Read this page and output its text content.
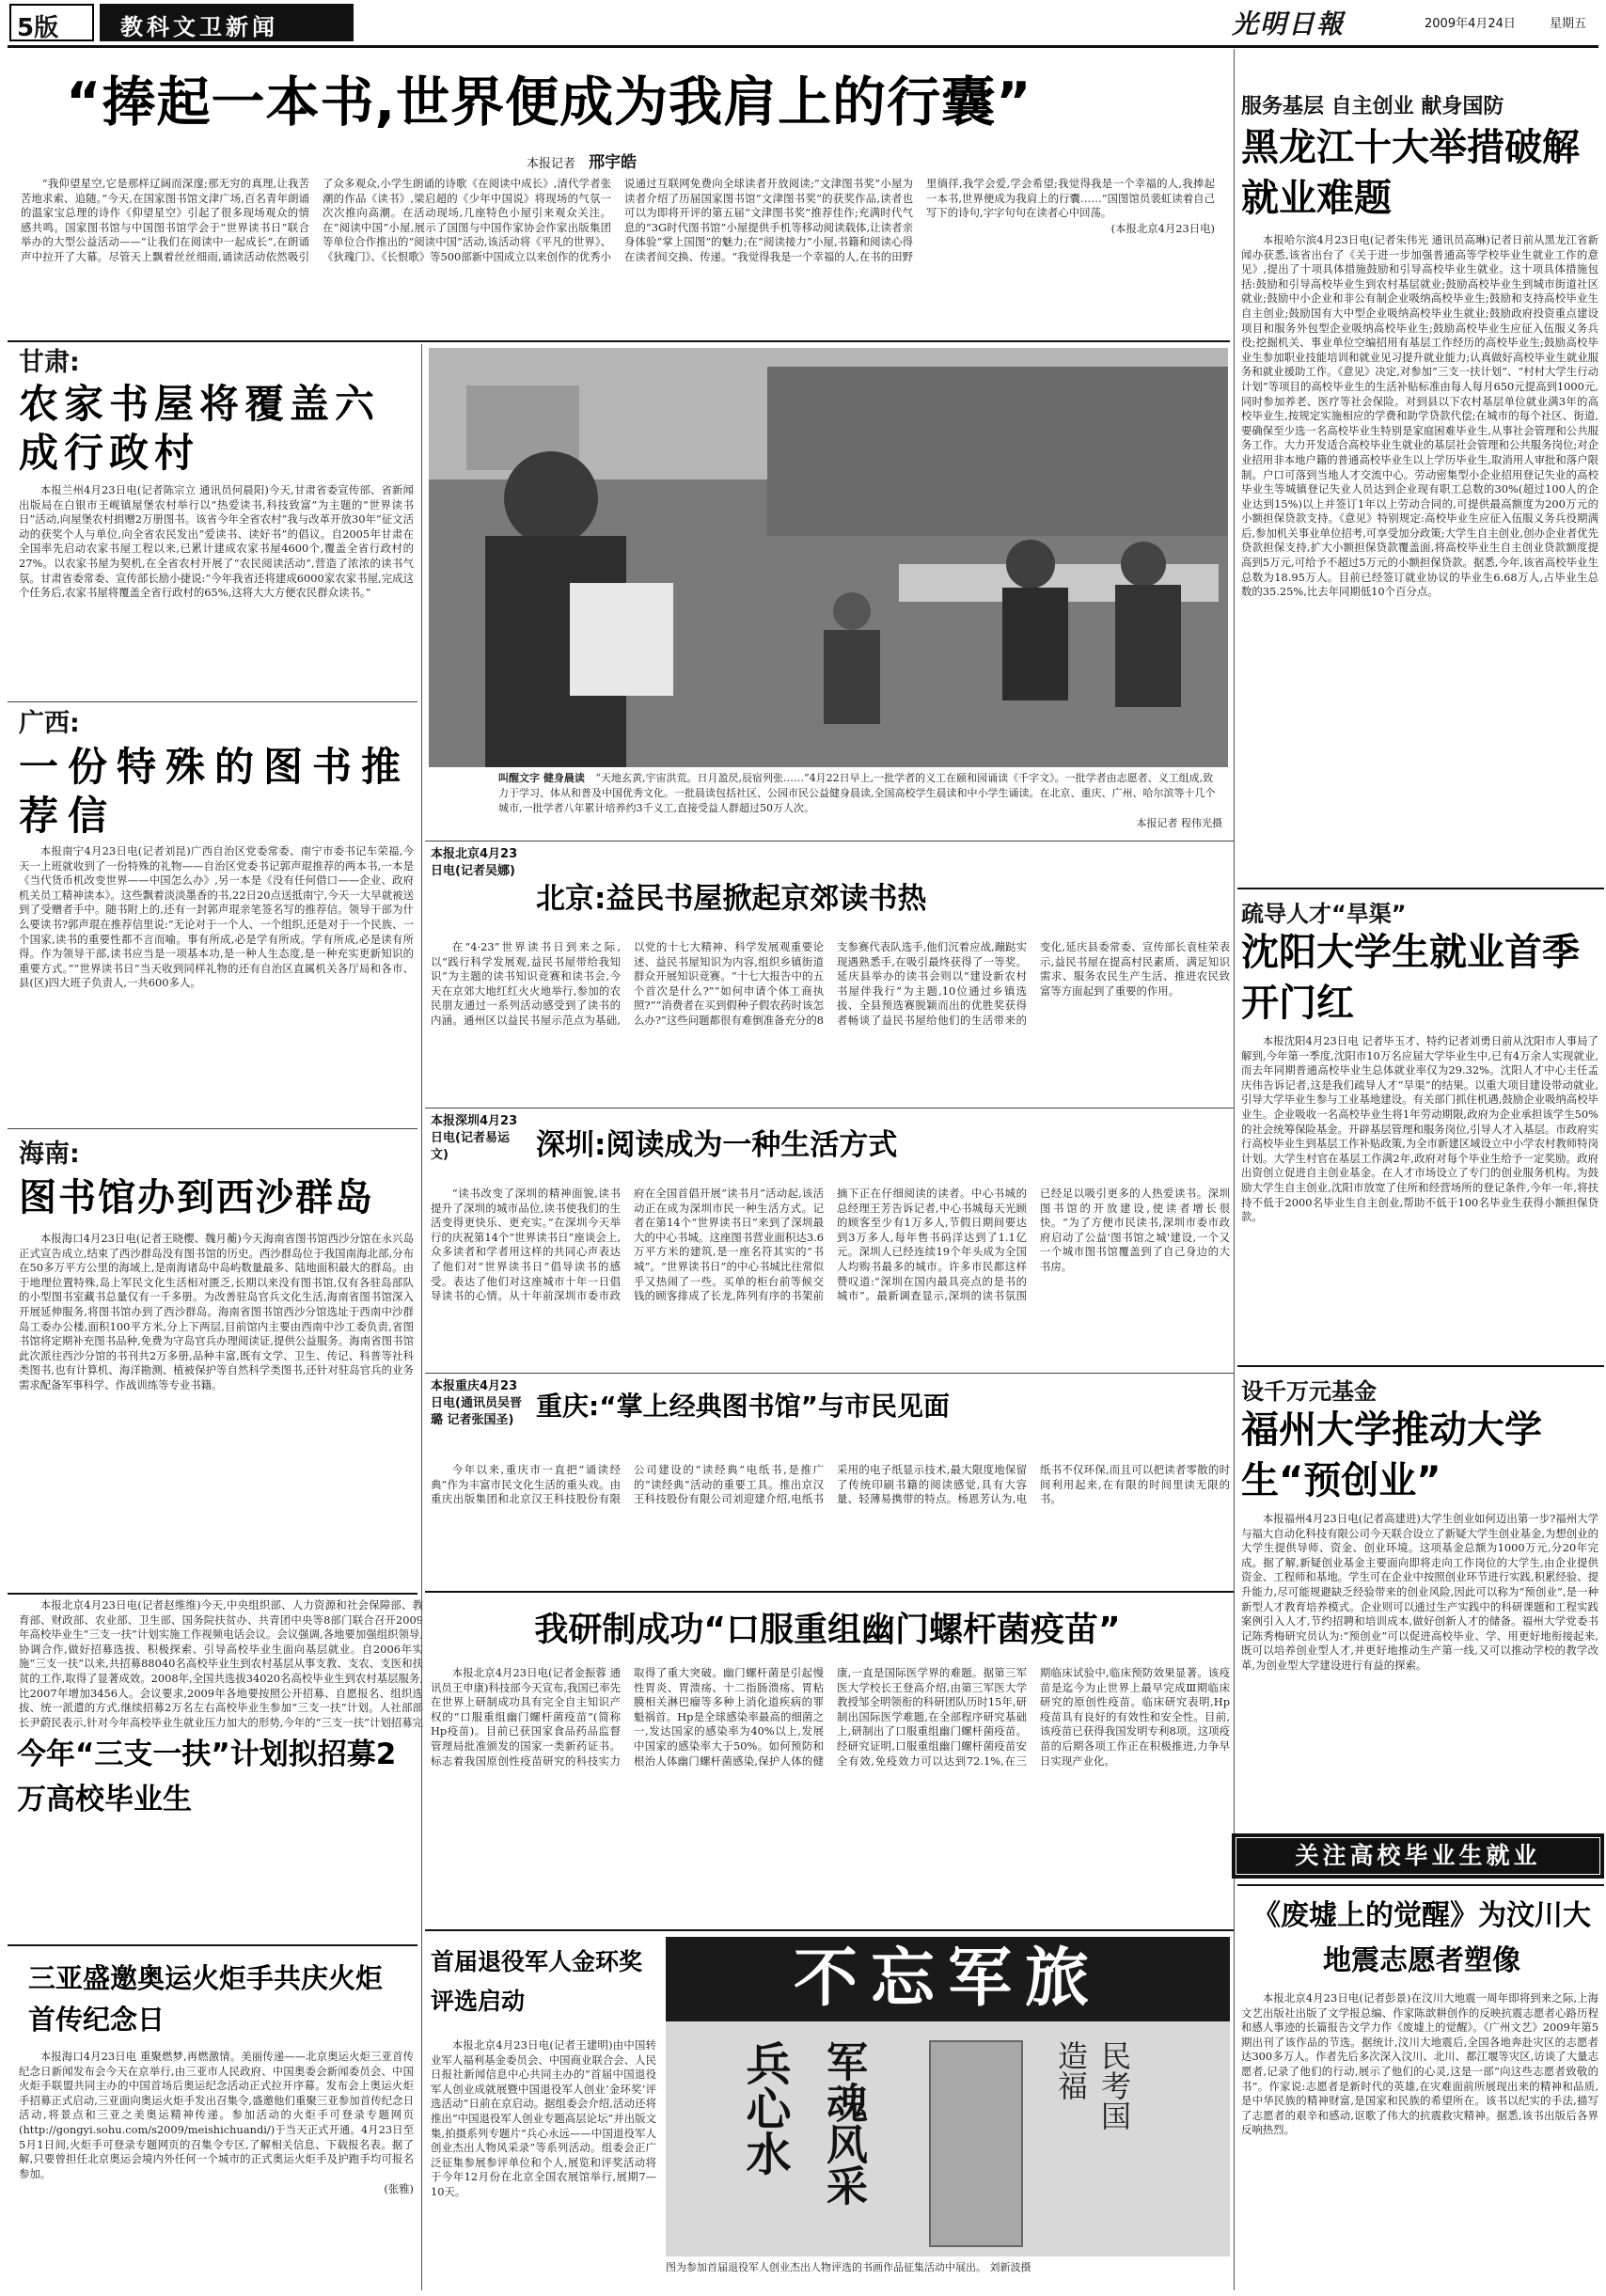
5版	教科文卫新闻	光明日報	2009年4月24日	星期五
“捧起一本书,世界便成为我肩上的行囊”
本报记者 邢宇皓

“我仰望星空,它是那样辽阔而深邃;那无穷的真理,让我苦苦地求索、追随。”今天,在国家图书馆文津广场,百名青年朗诵的温家宝总理的诗作《仰望星空》引起了很多现场观众的情感共鸣。国家图书馆与中国图书馆学会于“世界读书日”联合举办的大型公益活动——“让我们在阅读中一起成长”,在朗诵声中拉开了大幕。尽管天上飘着丝丝细雨,诵读活动依然吸引了众多观众,小学生朗诵的诗歌《在阅读中成长》,清代学者张潮的作品《读书》,梁启超的《少年中国说》将现场的气氛一次次推向高潮。在活动现场,几座特色小屋引来观众关注。在“阅读中国”小屋,展示了国图与中国作家协会作家出版集团等单位合作推出的“阅读中国”活动,该活动将《平凡的世界》、《狄瑰门》、《长恨歌》等500部新中国成立以来创作的优秀小说通过互联网免费向全球读者开放阅读;“文津图书奖”小屋为读者介绍了历届国家图书馆“文津图书奖”的获奖作品,读者也可以为即将开评的第五届“文津图书奖”推荐佳作;充满时代气息的“3G时代图书馆”小屋提供手机等移动阅读载体,让读者亲身体验“掌上国图”的魅力;在“阅读接力”小屋,书籍和阅读心得在读者间交换、传递。“我觉得我是一个幸福的人,在书的田野里徜徉,我学会爱,学会希望;我觉得我是一个幸福的人,我捧起一本书,世界便成为我肩上的行囊……”国图馆员裴虹读着自己写下的诗句,字字句句在读者心中回荡。

(本报北京4月23日电)

甘肃:
农家书屋将覆盖六成行政村

本报兰州4月23日电(记者陈宗立 通讯员何晨阳)今天,甘肃省委宣传部、省新闻出版局在白银市王岘镇屋堡农村举行以“热爱读书,科技致富”为主题的“世界读书日”活动,向屋堡农村捐赠2万册图书。该省今年全省农村“我与改革开放30年”征文活动的获奖个人与单位,向全省农民发出“爱读书、读好书”的倡议。自2005年甘肃在全国率先启动农家书屋工程以来,已累计建成农家书屋4600个,覆盖全省行政村的27%。以农家书屋为契机,在全省农村开展了“农民阅读活动”,营造了浓浓的读书气氛。甘肃省委常委、宣传部长励小捷说:“今年我省还将建成6000家农家书屋,完成这个任务后,农家书屋将覆盖全省行政村的65%,这将大大方便农民群众读书。”

广西:
一份特殊的图书推荐信

本报南宁4月23日电(记者刘昆)广西自治区党委常委、南宁市委书记车荣福,今天一上班就收到了一份特殊的礼物——自治区党委书记郭声琨推荐的两本书,一本是《当代货币机改变世界——中国怎么办》,另一本是《没有任何借口——企业、政府机关员工精神读本》。这些飘着淡淡墨香的书,22日20点送抵南宁,今天一大早就被送到了受赠者手中。随书附上的,还有一封郭声琨亲笔签名写的推荐信。领导干部为什么要读书?郭声琨在推荐信里说:“无论对于一个人、一个组织,还是对于一个民族、一个国家,读书的重要性都不言而喻。事有所成,必是学有所成。学有所成,必是读有所得。作为领导干部,读书应当是一项基本功,是一种人生态度,是一种充实更新知识的重要方式。”“世界读书日”当天收到同样礼物的还有自治区直属机关各厅局和各市、县(区)四大班子负责人,一共600多人。

海南:
图书馆办到西沙群岛

本报海口4月23日电(记者王晓樱、魏月蘅)今天海南省图书馆西沙分馆在永兴岛正式宣告成立,结束了西沙群岛没有图书馆的历史。西沙群岛位于我国南海北部,分布在50多万平方公里的海域上,是南海诸岛中岛屿数量最多、陆地面积最大的群岛。由于地理位置特殊,岛上军民文化生活相对匮乏,长期以来没有图书馆,仅有各驻岛部队的小型图书室藏书总量仅有一千多册。为改善驻岛官兵文化生活,海南省图书馆深入开展延伸服务,将图书馆办到了西沙群岛。海南省图书馆西沙分馆选址于西南中沙群岛工委办公楼,面积100平方米,分上下两层,目前馆内主要由西南中沙工委负责,省图书馆将定期补充图书品种,免费为守岛官兵办理阅读证,提供公益服务。海南省图书馆此次派往西沙分馆的书刊共2万多册,品种丰富,既有文学、卫生、传记、科普等社科类图书,也有计算机、海洋勘测、植被保护等自然科学类图书,还针对驻岛官兵的业务需求配备军事科学、作战训练等专业书籍。

本报北京4月23日电(记者赵维维)今天,中央组织部、人力资源和社会保障部、教育部、财政部、农业部、卫生部、国务院扶贫办、共青团中央等8部门联合召开2009年高校毕业生“三支一扶”计划实施工作视频电话会议。会议强调,各地要加强组织领导,协调合作,做好招募选拔、积极探索、引导高校毕业生面向基层就业。自2006年实施“三支一扶”以来,共招募88040名高校毕业生到农村基层从事支教、支农、支医和扶贫的工作,取得了显著成效。2008年,全国共选拔34020名高校毕业生到农村基层服务,比2007年增加3456人。会议要求,2009年各地要按照公开招募、自愿报名、组织选拔、统一派遣的方式,继续招募2万名左右高校毕业生参加“三支一扶”计划。人社部部长尹蔚民表示,针对今年高校毕业生就业压力加大的形势,今年的“三支一扶”计划招募完

今年“三支一扶”计划拟招募2万高校毕业生
三亚盛邀奥运火炬手共庆火炬首传纪念日

本报海口4月23日电 重聚燃梦,再燃激情。美丽传递——北京奥运火炬三亚首传纪念日新闻发布会今天在京举行,由三亚市人民政府、中国奥委会新闻委员会、中国火炬手联盟共同主办的中国首场后奥运纪念活动正式拉开序幕。发布会上奥运火炬手招募正式启动,三亚面向奥运火炬手发出召集令,盛邀他们重聚三亚参加首传纪念日活动,将景点和三亚之美奥运精神传递。参加活动的火炬手可登录专题网页(http://gongyi.sohu.com/s2009/meishichuandi/)于当天正式开通。4月23日至5月1日间,火炬手可登录专题网页的召集令专区,了解相关信息、下载报名表。据了解,只要曾担任北京奥运会境内外任何一个城市的正式奥运火炬手及护跑手均可报名参加。

(张雅)

叫醒文字 健身晨读 “天地玄黄,宇宙洪荒。日月盈昃,辰宿列张……”4月22日早上,一批学者的义工在颐和园诵读《千字文》。一批学者由志愿者、义工组成,致力于学习、体从和普及中国优秀文化。一批晨读包括社区、公园市民公益健身晨读,全国高校学生晨读和中小学生诵读。在北京、重庆、广州、哈尔滨等十几个城市,一批学者八年累计培养约3千义工,直接受益人群超过50万人次。
本报记者 程伟光摄
本报北京4月23日电(记者吴娜)
北京:益民书屋掀起京郊读书热

在“4·23”世界读书日到来之际,以“践行科学发展观,益民书屋带给我知识”为主题的读书知识竞赛和读书会,今天在京郊大地红红火火地举行,参加的农民朋友通过一系列活动感受到了读书的内涵。通州区以益民书屋示范点为基础,以党的十七大精神、科学发展观重要论述、益民书屋知识为内容,组织乡镇街道群众开展知识竞赛。“十七大报告中的五个首次是什么?”“如何申请个体工商执照?”“消费者在买到假种子假农药时该怎么办?”这些问题都很有难倒准备充分的8支参赛代表队选手,他们沉着应战,蹦跶实现遇熟悉手,在吸引最终获得了一等奖。延庆县举办的读书会则以“建设新农村 书屋伴我行”为主题,10位通过乡镇选拔、全县预选赛脱颖而出的优胜奖获得者畅谈了益民书屋给他们的生活带来的变化,延庆县委常委、宣传部长袁桂荣表示,益民书屋在提高村民素质、满足知识需求、服务农民生产生活、推进农民致富等方面起到了重要的作用。

本报深圳4月23日电(记者易运文)	深圳:阅读成为一种生活方式

“读书改变了深圳的精神面貌,读书提升了深圳的城市品位,读书使我们的生活变得更快乐、更充实。”在深圳今天举行的庆祝第14个“世界读书日”座谈会上,众多读者和学者用这样的共同心声表达了他们对“世界读书日”倡导读书的感受。表达了他们对这座城市十年一日倡导读书的心情。从十年前深圳市委市政府在全国首倡开展“读书月”活动起,该活动正在成为深圳市民一种生活方式。记者在第14个“世界读书日”来到了深圳最大的中心书城。这座图书营业面积达3.6万平方米的建筑,是一座名符其实的“书城”。“世界读书日”的中心书城比往常似乎又热闹了一些。买单的柜台前等候交钱的顾客排成了长龙,阵列有序的书架前摘下正在仔细阅读的读者。中心书城的总经理王芳告诉记者,中心书城每天光顾的顾客至少有1万多人,节假日期间要达到3万多人,每年售书码洋达到了1.1亿元。深圳人已经连续19个年头成为全国人均购书最多的城市。许多市民都这样赞叹道:“深圳在国内最具亮点的是书的城市”。最新调查显示,深圳的读书氛围已经足以吸引更多的人热爱读书。深圳图书馆的开放建设,使读者增长很快。“为了方便市民读书,深圳市委市政府启动了公益'图书馆之城'建设,一个又一个城市图书馆覆盖到了自己身边的大书房。

本报重庆4月23日电(通讯员吴晋璐 记者张国圣) 重庆:“掌上经典图书馆”与市民见面

今年以来,重庆市一直把“诵读经典”作为丰富市民文化生活的重头戏。由重庆出版集团和北京汉王科技股份有限公司建设的“读经典”电纸书,是推广的“读经典”活动的重要工具。推出京汉王科技股份有限公司刘迎建介绍,电纸书采用的电子纸显示技术,最大限度地保留了传统印刷书籍的阅读感觉,具有大容量、轻薄易携带的特点。杨恩芳认为,电纸书不仅环保,而且可以把读者零散的时间利用起来,在有限的时间里读无限的书。

我研制成功“口服重组幽门螺杆菌疫苗”

本报北京4月23日电(记者金振蓉 通讯员王申康)科技部今天宣布,我国已率先在世界上研制成功具有完全自主知识产权的“口服重组幽门螺杆菌疫苗”(简称Hp疫苗)。目前已获国家食品药品监督管理局批准颁发的国家一类新药证书。标志着我国原创性疫苗研究的科技实力取得了重大突破。幽门螺杆菌是引起慢性胃炎、胃溃疡、十二指肠溃疡、胃粘膜相关淋巴瘤等多种上消化道疾病的罪魁祸首。Hp是全球感染率最高的细菌之一,发达国家的感染率为40%以上,发展中国家的感染率大于50%。如何预防和根治人体幽门螺杆菌感染,保护人体的健康,一直是国际医学界的难题。据第三军医大学校长王登高介绍,由第三军医大学教授邹全明领衔的科研团队历时15年,研制出国际医学难题,在全部程序研究基础上,研制出了口服重组幽门螺杆菌疫苗。经研究证明,口服重组幽门螺杆菌疫苗安全有效,免疫效力可以达到72.1%,在三期临床试验中,临床预防效果显著。该疫苗是迄今为止世界上最早完成Ⅲ期临床研究的原创性疫苗。临床研究表明,Hp疫苗具有良好的有效性和安全性。目前,该疫苗已获得我国发明专利8项。这项疫苗的后期各项工作正在积极推进,力争早日实现产业化。

首届退役军人金环奖评选启动

本报北京4月23日电(记者王建明)由中国转业军人福利基金委员会、中国商业联合会、人民日报社新闻信息中心共同主办的“首届中国退役军人创业成就展暨中国退役军人创业‘金环奖’评选活动”日前在京启动。据组委会介绍,活动还将推出“中国退役军人创业专题高层论坛”并出版文集,拍摄系列专题片“兵心永远——中国退役军人创业杰出人物风采录”等系列活动。组委会正广泛征集参展参评单位和个人,展览和评奖活动将于今年12月份在北京全国农展馆举行,展期7—10天。

不忘军旅
兵心水 军魂风采	民考国
造福
图为参加首届退役军人创业杰出人物评选的书画作品征集活动中展出。 刘新波摄
服务基层 自主创业 献身国防
黑龙江十大举措破解就业难题

本报哈尔滨4月23日电(记者朱伟光 通讯员高琳)记者日前从黑龙江省新闻办获悉,该省出台了《关于进一步加强普通高等学校毕业生就业工作的意见》,提出了十项具体措施鼓励和引导高校毕业生就业。这十项具体措施包括:鼓励和引导高校毕业生到农村基层就业;鼓励高校毕业生到城市街道社区就业;鼓励中小企业和非公有制企业吸纳高校毕业生;鼓励和支持高校毕业生自主创业;鼓励国有大中型企业吸纳高校毕业生就业;鼓励政府投资重点建设项目和服务外包型企业吸纳高校毕业生;鼓励高校毕业生应征入伍服义务兵役;挖掘机关、事业单位空编招用有基层工作经历的高校毕业生;鼓励高校毕业生参加职业技能培训和就业见习提升就业能力;认真做好高校毕业生就业服务和就业援助工作。《意见》决定,对参加“三支一扶计划”、“村村大学生行动计划”等项目的高校毕业生的生活补贴标准由每人每月650元提高到1000元,同时参加养老、医疗等社会保险。对到县以下农村基层单位就业满3年的高校毕业生,按规定实施相应的学费和助学贷款代偿;在城市的每个社区、街道,要确保至少选一名高校毕业生特别是家庭困难毕业生,从事社会管理和公共服务工作。大力开发适合高校毕业生就业的基层社会管理和公共服务岗位;对企业招用非本地户籍的普通高校毕业生以上学历毕业生,取消用人审批和落户限制。户口可落到当地人才交流中心。劳动密集型小企业招用登记失业的高校毕业生等城镇登记失业人员达到企业现有职工总数的30%(超过100人的企业达到15%)以上并签订1年以上劳动合同的,可提供最高额度为200万元的小额担保贷款支持。《意见》特别规定:高校毕业生应征入伍服义务兵役期满后,参加机关事业单位招考,可享受加分政策;大学生自主创业,创办企业者优先贷款担保支持,扩大小额担保贷款覆盖面,将高校毕业生自主创业贷款额度提高到5万元,可给予不超过5万元的小额担保贷款。据悉,今年,该省高校毕业生总数为18.95万人。目前已经签订就业协议的毕业生6.68万人,占毕业生总数的35.25%,比去年同期低10个百分点。

疏导人才“旱渠”
沈阳大学生就业首季开门红

本报沈阳4月23日电 记者毕玉才、特约记者刘勇日前从沈阳市人事局了解到,今年第一季度,沈阳市10万名应届大学毕业生中,已有4万余人实现就业,而去年同期普通高校毕业生总体就业率仅为29.32%。沈阳人才中心主任孟庆伟告诉记者,这是我们疏导人才“旱渠”的结果。以重大项目建设带动就业,引导大学毕业生参与工业基地建设。有关部门抓住机遇,鼓励企业吸纳高校毕业生。企业吸收一名高校毕业生将1年劳动期限,政府为企业承担该学生50%的社会统筹保险基金。开辟基层管理和服务岗位,引导人才入基层。市政府实行高校毕业生到基层工作补贴政策,为全市新建区域设立中小学农村教师特岗计划。大学生村官在基层工作满2年,政府对每个毕业生给予一定奖励。政府出资创立促进自主创业基金。在人才市场设立了专门的创业服务机构。为鼓励大学生自主创业,沈阳市放宽了住所和经营场所的登记条件,今年一年,将扶持不低于2000名毕业生自主创业,帮助不低于100名毕业生获得小额担保贷款。

设千万元基金
福州大学推动大学生“预创业”

本报福州4月23日电(记者高建进)大学生创业如何迈出第一步?福州大学与福大自动化科技有限公司今天联合设立了新疑大学生创业基金,为想创业的大学生提供导师、资金、创业环境。这项基金总额为1000万元,分20年完成。据了解,新疑创业基金主要面向即将走向工作岗位的大学生,由企业提供资金、工程师和基地。学生可在企业中按照创业环节进行实践,积累经验、提升能力,尽可能规避缺乏经验带来的创业风险,因此可以称为“预创业”,是一种新型人才教育培养模式。企业则可以通过生产实践中的科研课题和工程实践案例引入人才,节约招聘和培训成本,做好创新人才的储备。福州大学党委书记陈秀梅研究员认为:“预创业”可以促进高校毕业、学、用更好地衔接起来,既可以培养创业型人才,并更好地推动生产第一线,又可以推动学校的教学改革,为创业型大学建设进行有益的探索。

关注高校毕业生就业
《废墟上的觉醒》为汶川大地震志愿者塑像

本报北京4月23日电(记者彭景)在汶川大地震一周年即将到来之际,上海文艺出版社出版了文学报总编、作家陈歆耕创作的反映抗震志愿者心路历程和感人事迹的长篇报告文学力作《废墟上的觉醒》。《广州文艺》2009年第5期出刊了该作品的节选。据统计,汶川大地震后,全国各地奔赴灾区的志愿者达300多万人。作者先后多次深入汶川、北川、都江堰等灾区,访谈了大量志愿者,记录了他们的行动,展示了他们的心灵,这是一部“向这些志愿者致敬的书”。作家说:志愿者是新时代的英雄,在灾难面前所展现出来的精神和品质,是中华民族的精神财富,是国家和民族的希望所在。该书以纪实的手法,描写了志愿者的艰辛和感动,讴歌了伟大的抗震救灾精神。据悉,该书出版后各界反响热烈。
